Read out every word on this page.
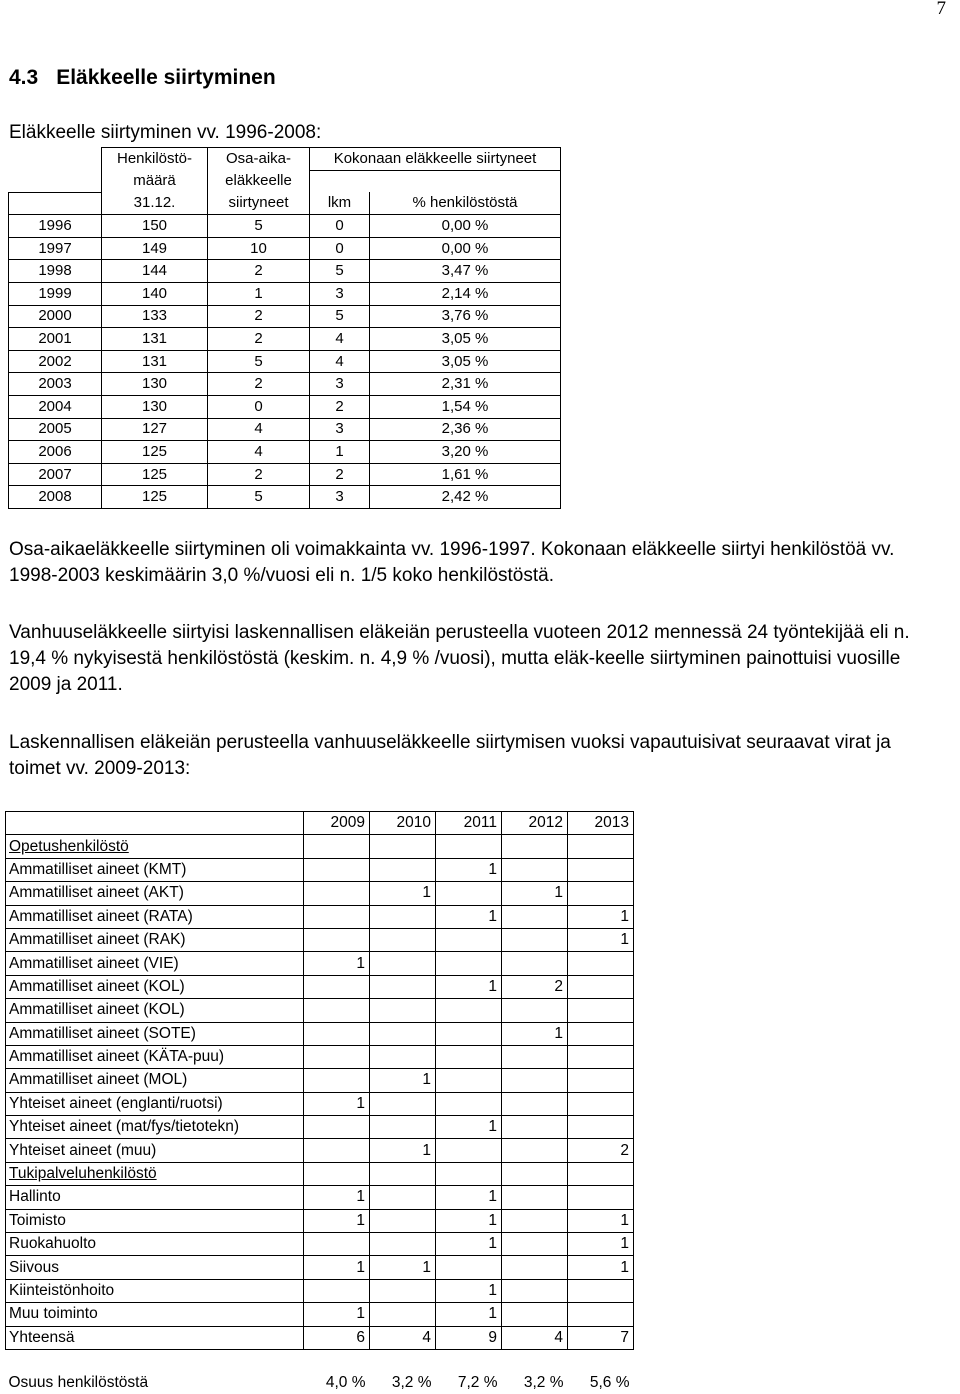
7
4.3 Eläkkeelle siirtyminen
Eläkkeelle siirtyminen vv. 1996-2008:
	Henkilöstö-	Osa-aika-	Kokonaan eläkkeelle siirtyneet	
	määrä	eläkkeelle		
	31.12.	siirtyneet	lkm	% henkilöstöstä
1996	150	5	0	0,00 %
1997	149	10	0	0,00 %
1998	144	2	5	3,47 %
1999	140	1	3	2,14 %
2000	133	2	5	3,76 %
2001	131	2	4	3,05 %
2002	131	5	4	3,05 %
2003	130	2	3	2,31 %
2004	130	0	2	1,54 %
2005	127	4	3	2,36 %
2006	125	4	1	3,20 %
2007	125	2	2	1,61 %
2008	125	5	3	2,42 %

Osa-aikaeläkkeelle siirtyminen oli voimakkainta vv. 1996-1997. Kokonaan eläkkeelle siirtyi henkilöstöä vv. 1998-2003 keskimäärin 3,0 %/vuosi eli n. 1/5 koko henkilöstöstä.

Vanhuuseläkkeelle siirtyisi laskennallisen eläkeiän perusteella vuoteen 2012 mennessä 24 työntekijää eli n. 19,4 % nykyisestä henkilöstöstä (keskim. n. 4,9 % /vuosi), mutta eläk-keelle siirtyminen painottuisi vuosille 2009 ja 2011.

Laskennallisen eläkeiän perusteella vanhuuseläkkeelle siirtymisen vuoksi vapautuisivat seuraavat virat ja toimet vv. 2009-2013:

	2009	2010	2011	2012	2013
Opetushenkilöstö					
Ammatilliset aineet (KMT)			1		
Ammatilliset aineet (AKT)		1		1	
Ammatilliset aineet (RATA)			1		1
Ammatilliset aineet (RAK)					1
Ammatilliset aineet (VIE)	1				
Ammatilliset aineet (KOL)			1	2	
Ammatilliset aineet (KOL)					
Ammatilliset aineet (SOTE)				1	
Ammatilliset aineet (KÄTA-puu)					
Ammatilliset aineet (MOL)		1			
Yhteiset aineet (englanti/ruotsi)	1				
Yhteiset aineet (mat/fys/tietotekn)			1		
Yhteiset aineet (muu)		1			2
Tukipalveluhenkilöstö					
Hallinto	1		1		
Toimisto	1		1		1
Ruokahuolto			1		1
Siivous	1	1			1
Kiinteistönhoito			1		
Muu toiminto	1		1		
Yhteensä	6	4	9	4	7

Osuus henkilöstöstä	4,0 %	3,2 %	7,2 %	3,2 %	5,6 %
